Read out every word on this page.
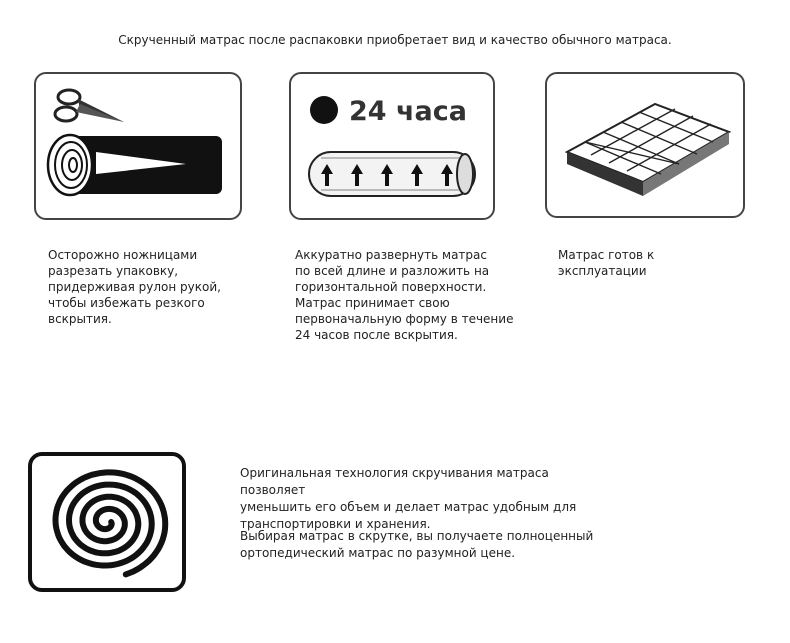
Скрученный матрас после распаковки приобретает вид и качество обычного матраса.
24 часа

Осторожно ножницами
разрезать упаковку,
придерживая рулон рукой,
чтобы избежать резкого
вскрытия.

Аккуратно развернуть матрас
по всей длине и разложить на
горизонтальной поверхности.
Матрас принимает свою
первоначальную форму в течение
24 часов после вскрытия.

Матрас готов к
эксплуатации

Оригинальная технология скручивания матраса позволяет
уменьшить его объем и делает матрас удобным для
транспортировки и хранения.

Выбирая матрас в скрутке, вы получаете полноценный
ортопедический матрас по разумной цене.
